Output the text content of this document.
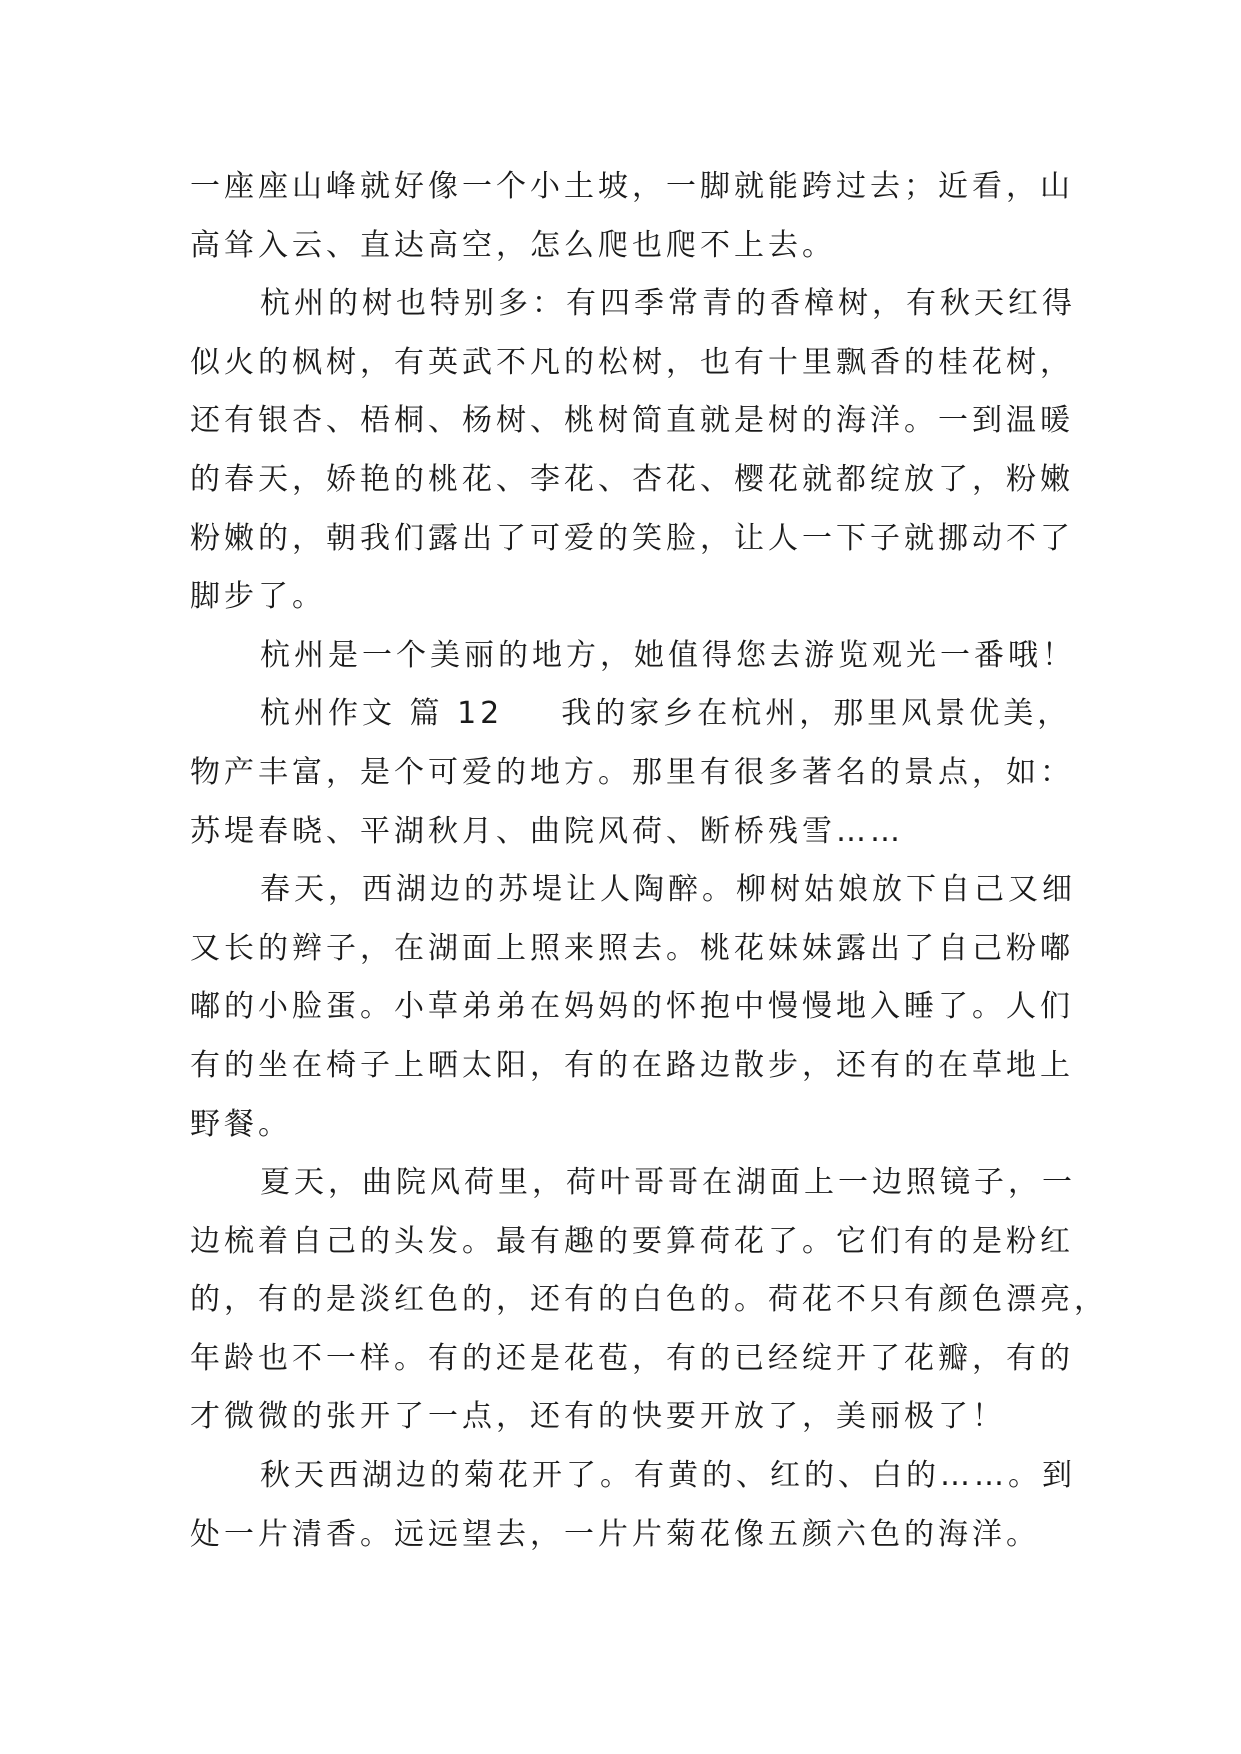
一座座山峰就好像一个小土坡，一脚就能跨过去；近看，山
高耸入云、直达高空，怎么爬也爬不上去。
杭州的树也特别多：有四季常青的香樟树，有秋天红得
似火的枫树，有英武不凡的松树，也有十里飘香的桂花树，
还有银杏、梧桐、杨树、桃树简直就是树的海洋。一到温暖
的春天，娇艳的桃花、李花、杏花、樱花就都绽放了，粉嫩
粉嫩的，朝我们露出了可爱的笑脸，让人一下子就挪动不了
脚步了。
杭州是一个美丽的地方，她值得您去游览观光一番哦！
杭州作文 篇 12 我的家乡在杭州，那里风景优美，
物产丰富，是个可爱的地方。那里有很多著名的景点，如：
苏堤春晓、平湖秋月、曲院风荷、断桥残雪……
春天，西湖边的苏堤让人陶醉。柳树姑娘放下自己又细
又长的辫子，在湖面上照来照去。桃花妹妹露出了自己粉嘟
嘟的小脸蛋。小草弟弟在妈妈的怀抱中慢慢地入睡了。人们
有的坐在椅子上晒太阳，有的在路边散步，还有的在草地上
野餐。
夏天，曲院风荷里，荷叶哥哥在湖面上一边照镜子，一
边梳着自己的头发。最有趣的要算荷花了。它们有的是粉红
的，有的是淡红色的，还有的白色的。荷花不只有颜色漂亮，
年龄也不一样。有的还是花苞，有的已经绽开了花瓣，有的
才微微的张开了一点，还有的快要开放了，美丽极了！
秋天西湖边的菊花开了。有黄的、红的、白的……。到
处一片清香。远远望去，一片片菊花像五颜六色的海洋。
